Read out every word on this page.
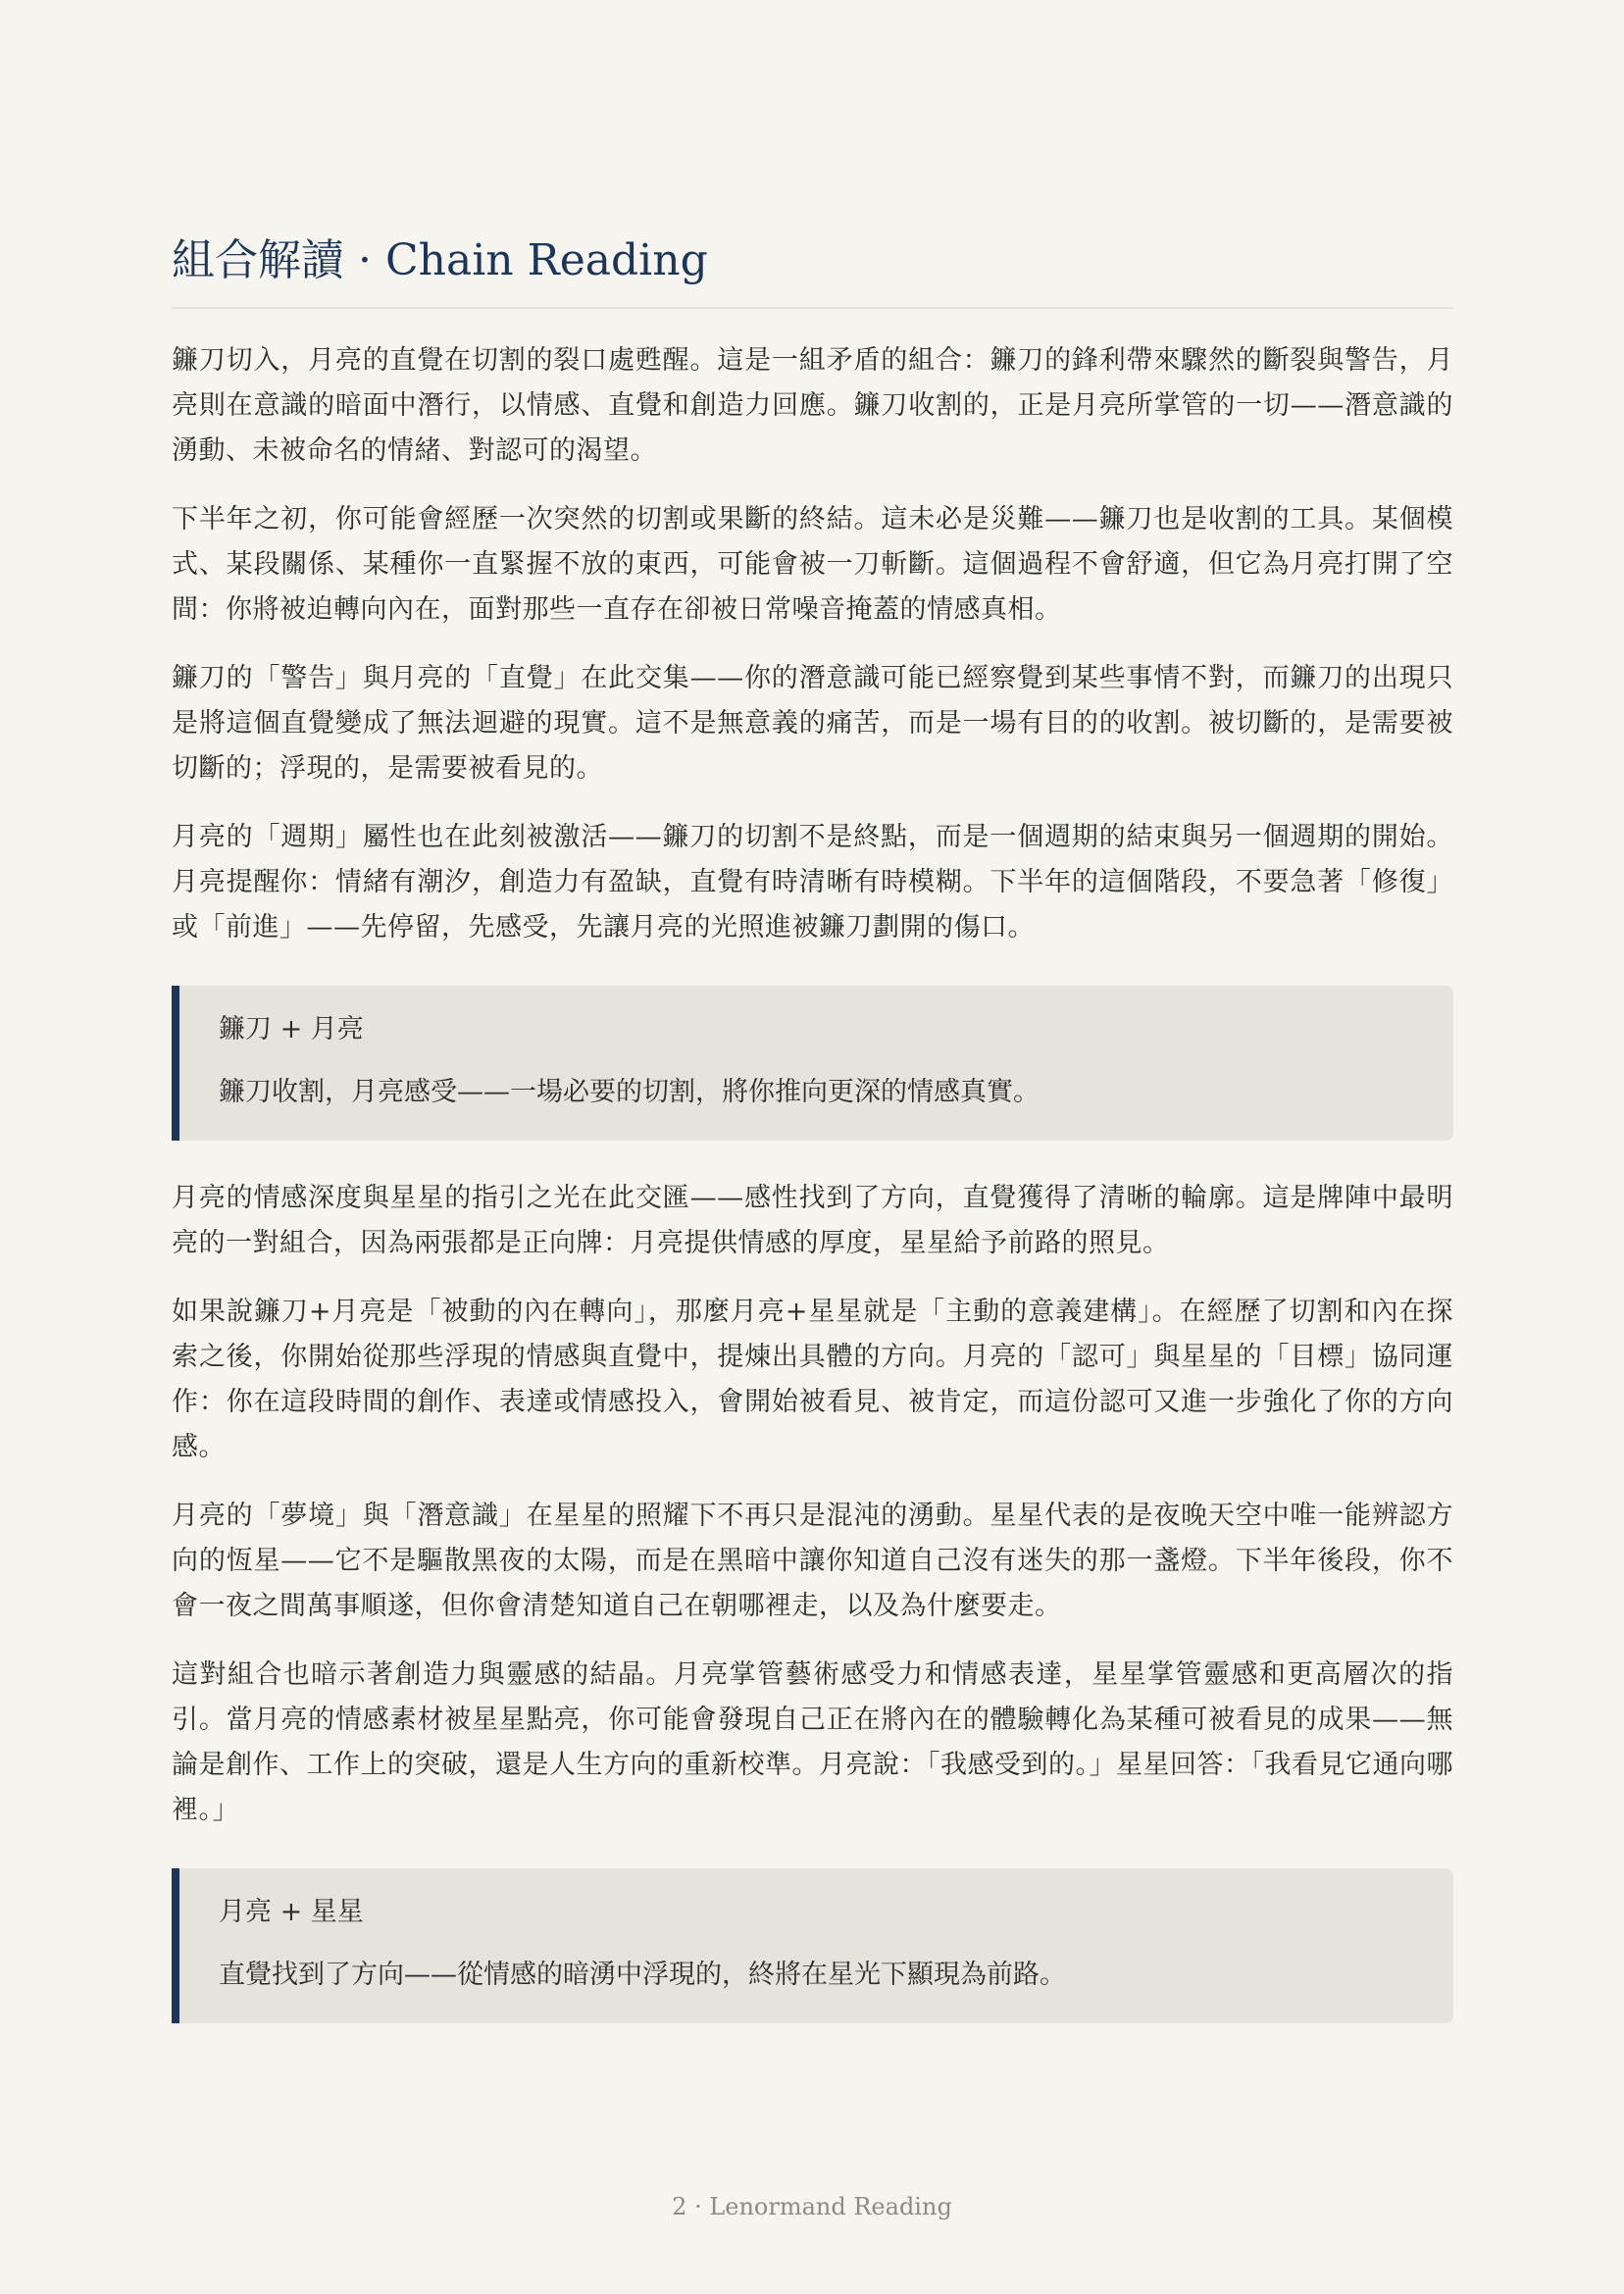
組合解讀 · Chain Reading

鐮刀切入，月亮的直覺在切割的裂口處甦醒。這是一組矛盾的組合：鐮刀的鋒利帶來驟然的斷裂與警告，月亮則在意識的暗面中潛行，以情感、直覺和創造力回應。鐮刀收割的，正是月亮所掌管的一切——潛意識的湧動、未被命名的情緒、對認可的渴望。

下半年之初，你可能會經歷一次突然的切割或果斷的終結。這未必是災難——鐮刀也是收割的工具。某個模式、某段關係、某種你一直緊握不放的東西，可能會被一刀斬斷。這個過程不會舒適，但它為月亮打開了空間：你將被迫轉向內在，面對那些一直存在卻被日常噪音掩蓋的情感真相。

鐮刀的「警告」與月亮的「直覺」在此交集——你的潛意識可能已經察覺到某些事情不對，而鐮刀的出現只是將這個直覺變成了無法迴避的現實。這不是無意義的痛苦，而是一場有目的的收割。被切斷的，是需要被切斷的；浮現的，是需要被看見的。

月亮的「週期」屬性也在此刻被激活——鐮刀的切割不是終點，而是一個週期的結束與另一個週期的開始。月亮提醒你：情緒有潮汐，創造力有盈缺，直覺有時清晰有時模糊。下半年的這個階段，不要急著「修復」或「前進」——先停留，先感受，先讓月亮的光照進被鐮刀劃開的傷口。

鐮刀 + 月亮

鐮刀收割，月亮感受——一場必要的切割，將你推向更深的情感真實。

月亮的情感深度與星星的指引之光在此交匯——感性找到了方向，直覺獲得了清晰的輪廓。這是牌陣中最明亮的一對組合，因為兩張都是正向牌：月亮提供情感的厚度，星星給予前路的照見。

如果說鐮刀+月亮是「被動的內在轉向」，那麼月亮+星星就是「主動的意義建構」。在經歷了切割和內在探索之後，你開始從那些浮現的情感與直覺中，提煉出具體的方向。月亮的「認可」與星星的「目標」協同運作：你在這段時間的創作、表達或情感投入，會開始被看見、被肯定，而這份認可又進一步強化了你的方向感。

月亮的「夢境」與「潛意識」在星星的照耀下不再只是混沌的湧動。星星代表的是夜晚天空中唯一能辨認方向的恆星——它不是驅散黑夜的太陽，而是在黑暗中讓你知道自己沒有迷失的那一盞燈。下半年後段，你不會一夜之間萬事順遂，但你會清楚知道自己在朝哪裡走，以及為什麼要走。

這對組合也暗示著創造力與靈感的結晶。月亮掌管藝術感受力和情感表達，星星掌管靈感和更高層次的指引。當月亮的情感素材被星星點亮，你可能會發現自己正在將內在的體驗轉化為某種可被看見的成果——無論是創作、工作上的突破，還是人生方向的重新校準。月亮說：「我感受到的。」星星回答：「我看見它通向哪裡。」

月亮 + 星星

直覺找到了方向——從情感的暗湧中浮現的，終將在星光下顯現為前路。

2 · Lenormand Reading
